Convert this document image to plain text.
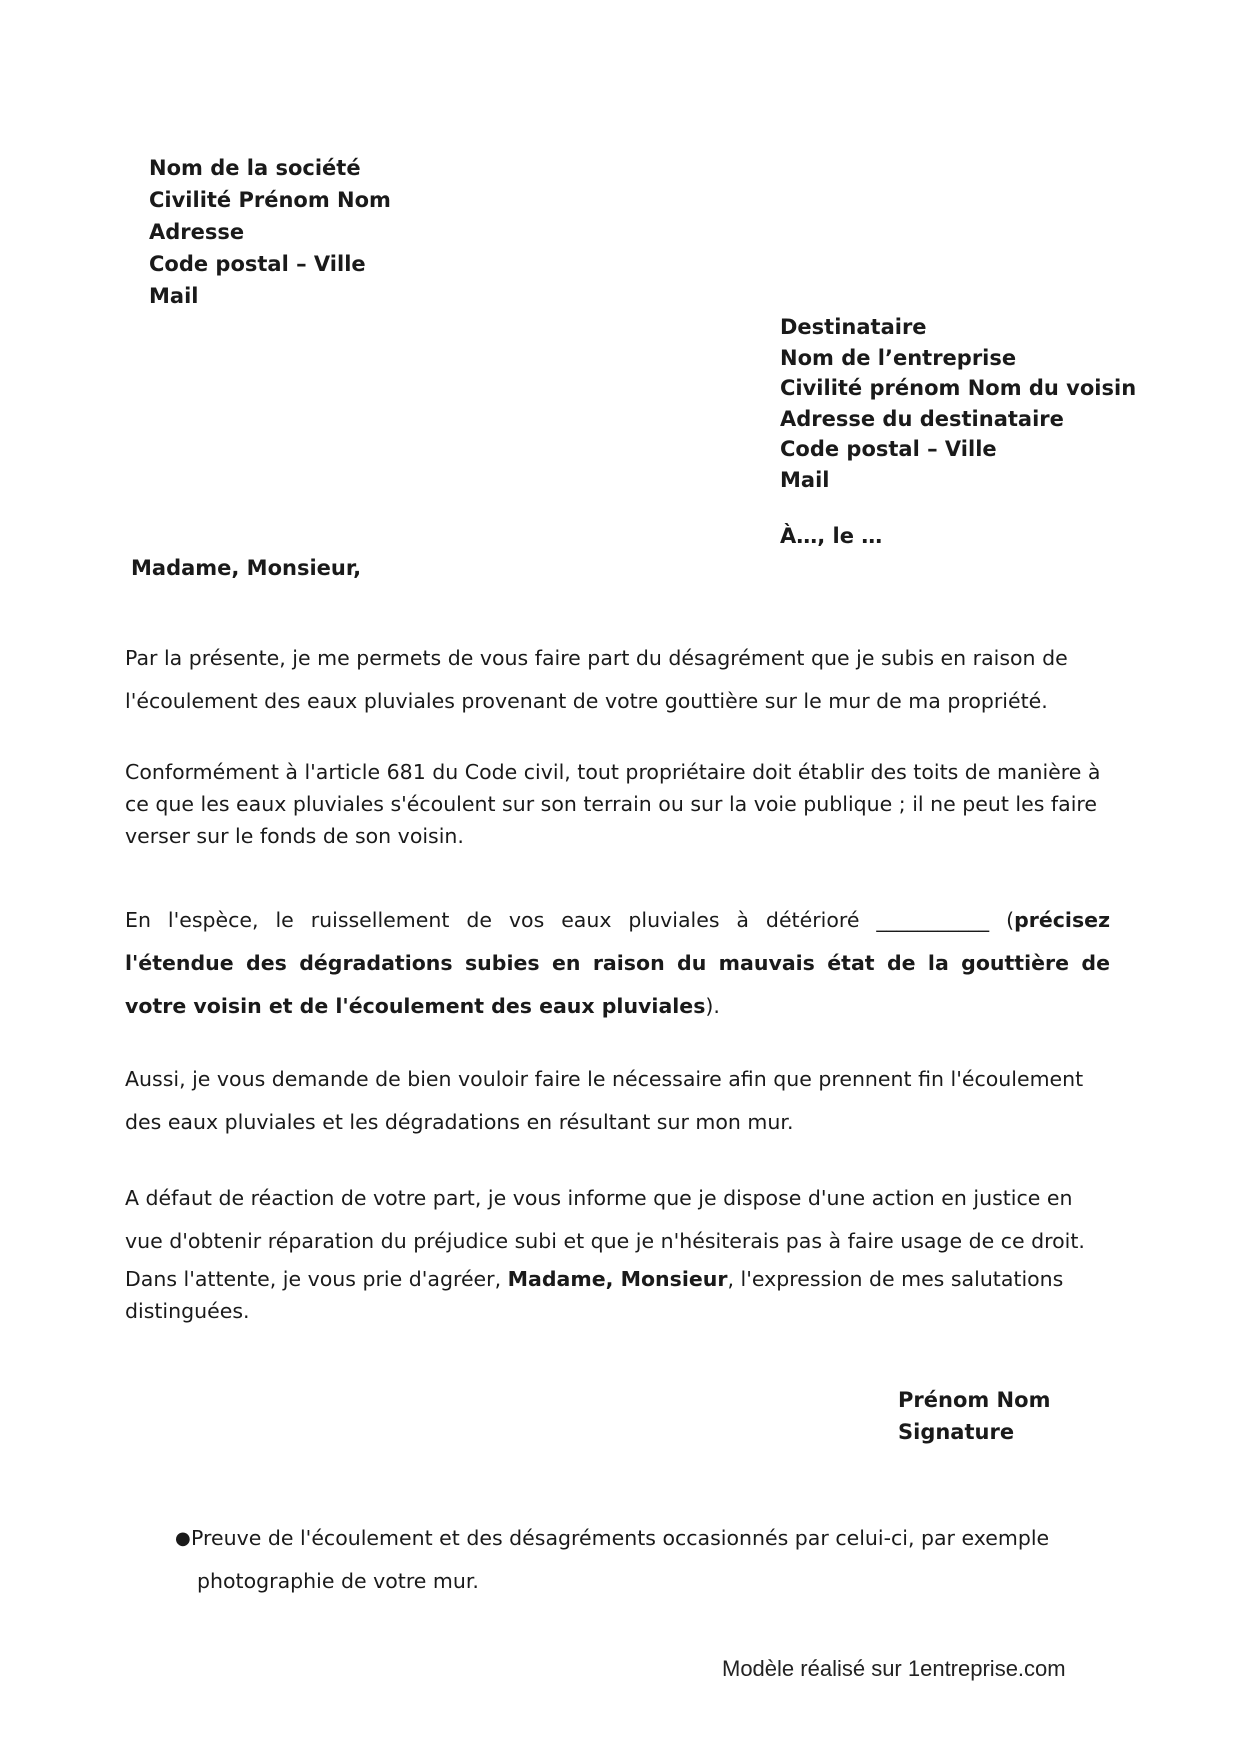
Nom de la société
Civilité Prénom Nom
Adresse
Code postal – Ville
Mail
Destinataire
Nom de l’entreprise
Civilité prénom Nom du voisin
Adresse du destinataire
Code postal – Ville
Mail
À…, le …
Madame, Monsieur,
Par la présente, je me permets de vous faire part du désagrément que je subis en raison de l'écoulement des eaux pluviales provenant de votre gouttière sur le mur de ma propriété.
Conformément à l'article 681 du Code civil, tout propriétaire doit établir des toits de manière à ce que les eaux pluviales s'écoulent sur son terrain ou sur la voie publique ; il ne peut les faire verser sur le fonds de son voisin.
En l'espèce, le ruissellement de vos eaux pluviales à détérioré ___________ (précisez l'étendue des dégradations subies en raison du mauvais état de la gouttière de votre voisin et de l'écoulement des eaux pluviales).
Aussi, je vous demande de bien vouloir faire le nécessaire afin que prennent fin l'écoulement des eaux pluviales et les dégradations en résultant sur mon mur.
A défaut de réaction de votre part, je vous informe que je dispose d'une action en justice en vue d'obtenir réparation du préjudice subi et que je n'hésiterais pas à faire usage de ce droit.
Dans l'attente, je vous prie d'agréer, Madame, Monsieur, l'expression de mes salutations distinguées.
Prénom Nom
Signature
● Preuve de l'écoulement et des désagréments occasionnés par celui-ci, par exemple
photographie de votre mur.
Modèle réalisé sur 1entreprise.com
